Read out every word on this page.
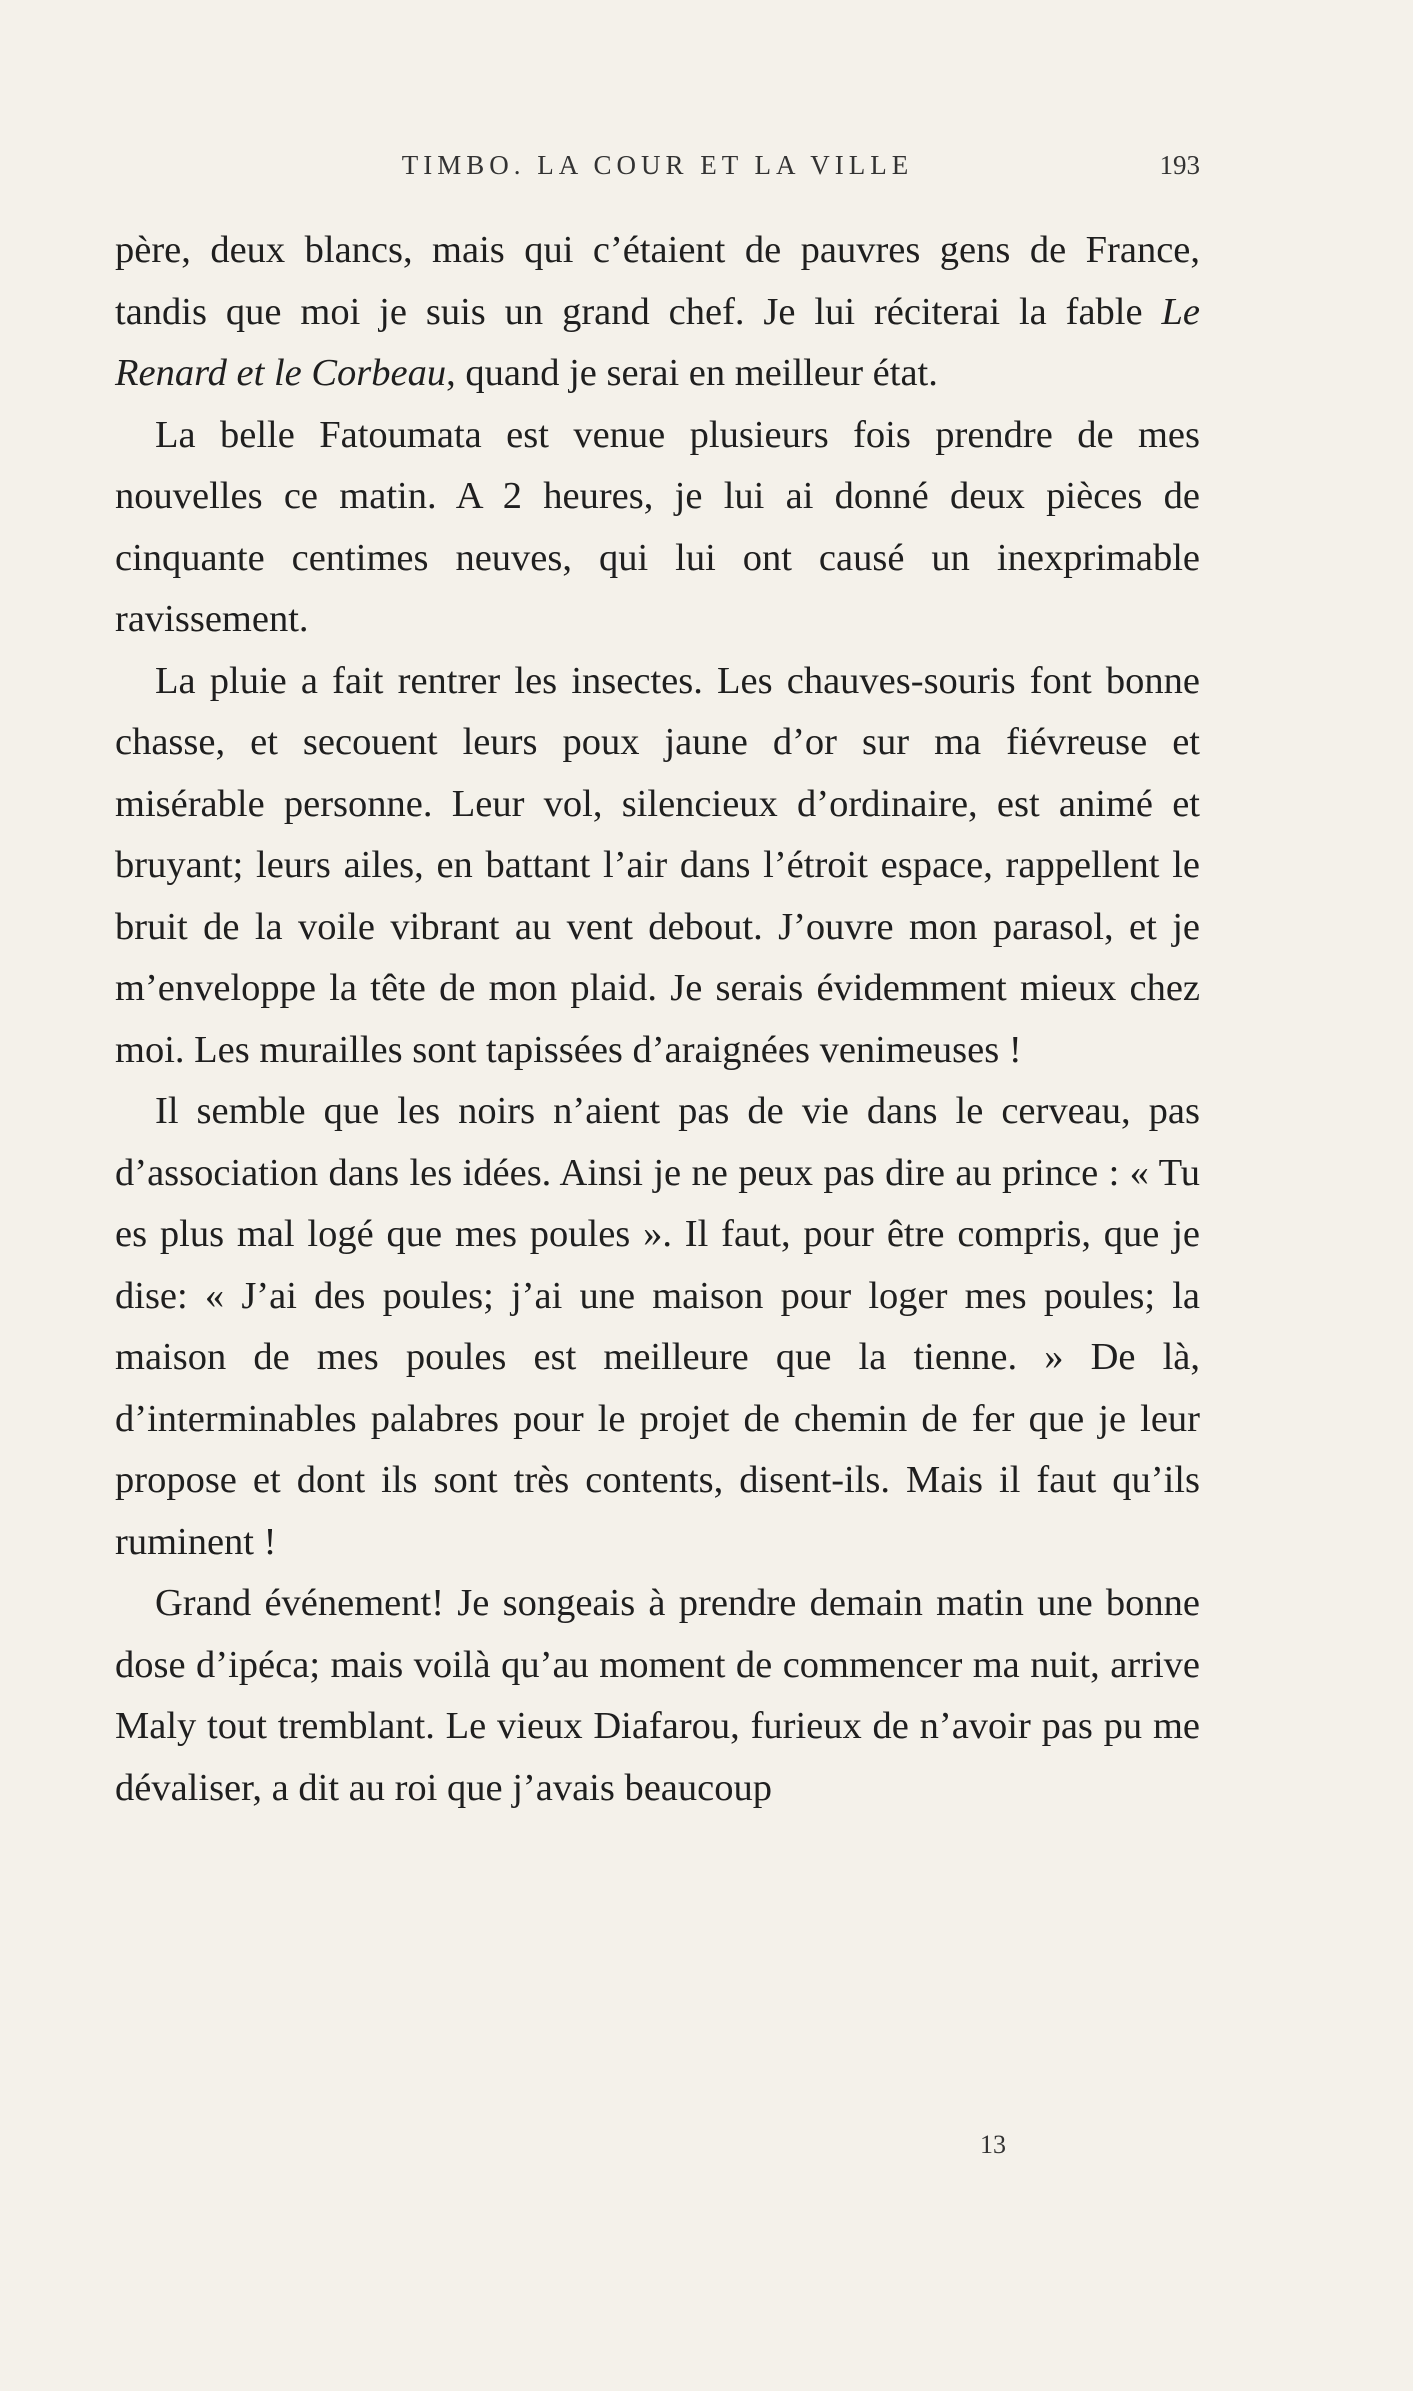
TIMBO. LA COUR ET LA VILLE	193

père, deux blancs, mais qui c’étaient de pauvres gens de France, tandis que moi je suis un grand chef. Je lui réciterai la fable Le Renard et le Corbeau, quand je serai en meilleur état.

La belle Fatoumata est venue plusieurs fois prendre de mes nouvelles ce matin. A 2 heures, je lui ai donné deux pièces de cinquante centimes neuves, qui lui ont causé un inexprimable ravissement.

La pluie a fait rentrer les insectes. Les chauves-souris font bonne chasse, et secouent leurs poux jaune d’or sur ma fiévreuse et misérable personne. Leur vol, silencieux d’ordinaire, est animé et bruyant; leurs ailes, en battant l’air dans l’étroit espace, rappellent le bruit de la voile vibrant au vent debout. J’ouvre mon parasol, et je m’enveloppe la tête de mon plaid. Je serais évidemment mieux chez moi. Les murailles sont tapissées d’araignées venimeuses !

Il semble que les noirs n’aient pas de vie dans le cerveau, pas d’association dans les idées. Ainsi je ne peux pas dire au prince : « Tu es plus mal logé que mes poules ». Il faut, pour être compris, que je dise: « J’ai des poules; j’ai une maison pour loger mes poules; la maison de mes poules est meilleure que la tienne. » De là, d’interminables palabres pour le projet de chemin de fer que je leur propose et dont ils sont très contents, disent-ils. Mais il faut qu’ils ruminent !

Grand événement! Je songeais à prendre demain matin une bonne dose d’ipéca; mais voilà qu’au moment de commencer ma nuit, arrive Maly tout tremblant. Le vieux Diafarou, furieux de n’avoir pas pu me dévaliser, a dit au roi que j’avais beaucoup

13
